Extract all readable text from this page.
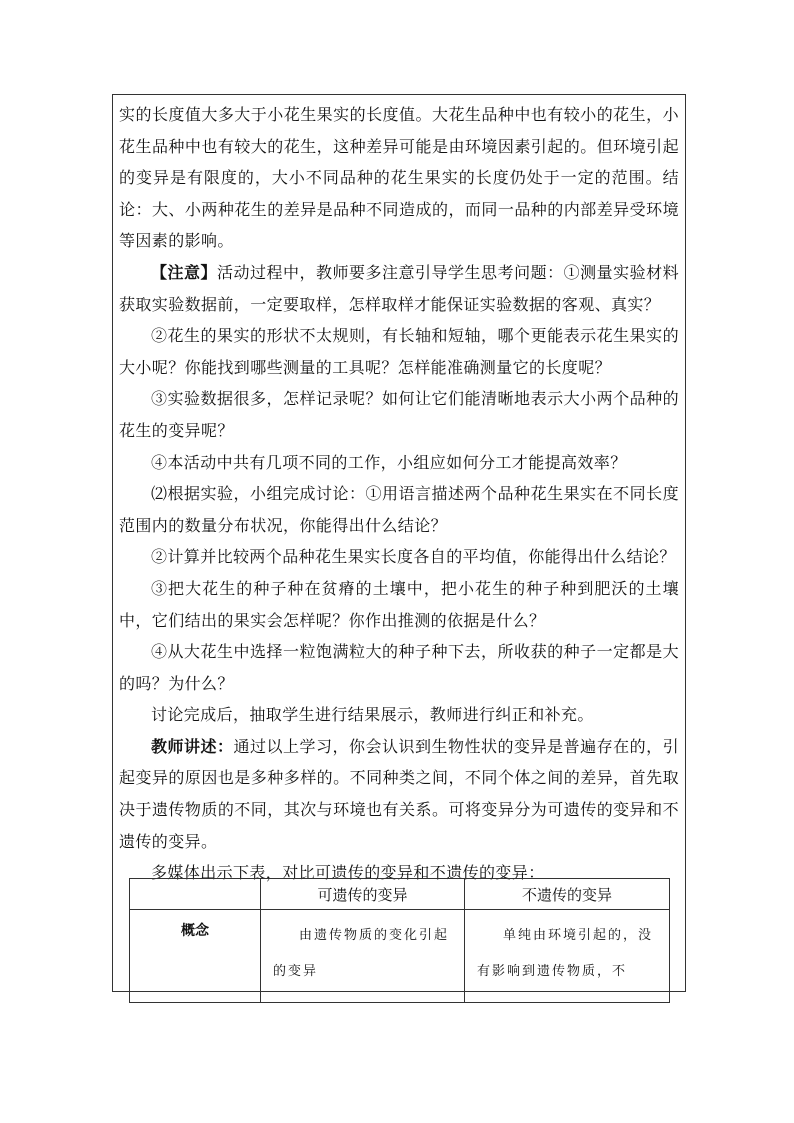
实的长度值大多大于小花生果实的长度值。大花生品种中也有较小的花生，小花生品种中也有较大的花生，这种差异可能是由环境因素引起的。但环境引起的变异是有限度的，大小不同品种的花生果实的长度仍处于一定的范围。结论：大、小两种花生的差异是品种不同造成的，而同一品种的内部差异受环境等因素的影响。

【注意】活动过程中，教师要多注意引导学生思考问题：①测量实验材料获取实验数据前，一定要取样，怎样取样才能保证实验数据的客观、真实？

②花生的果实的形状不太规则，有长轴和短轴，哪个更能表示花生果实的大小呢？你能找到哪些测量的工具呢？怎样能准确测量它的长度呢？

③实验数据很多，怎样记录呢？如何让它们能清晰地表示大小两个品种的花生的变异呢？

④本活动中共有几项不同的工作，小组应如何分工才能提高效率？

⑵根据实验，小组完成讨论：①用语言描述两个品种花生果实在不同长度范围内的数量分布状况，你能得出什么结论？

②计算并比较两个品种花生果实长度各自的平均值，你能得出什么结论？

③把大花生的种子种在贫瘠的土壤中，把小花生的种子种到肥沃的土壤中，它们结出的果实会怎样呢？你作出推测的依据是什么？

④从大花生中选择一粒饱满粒大的种子种下去，所收获的种子一定都是大的吗？为什么？

讨论完成后，抽取学生进行结果展示，教师进行纠正和补充。

教师讲述：通过以上学习，你会认识到生物性状的变异是普遍存在的，引起变异的原因也是多种多样的。不同种类之间，不同个体之间的差异，首先取决于遗传物质的不同，其次与环境也有关系。可将变异分为可遗传的变异和不遗传的变异。

多媒体出示下表，对比可遗传的变异和不遗传的变异：

	可遗传的变异	不遗传的变异
概念	由遗传物质的变化引起的变异	单纯由环境引起的，没有影响到遗传物质，不
